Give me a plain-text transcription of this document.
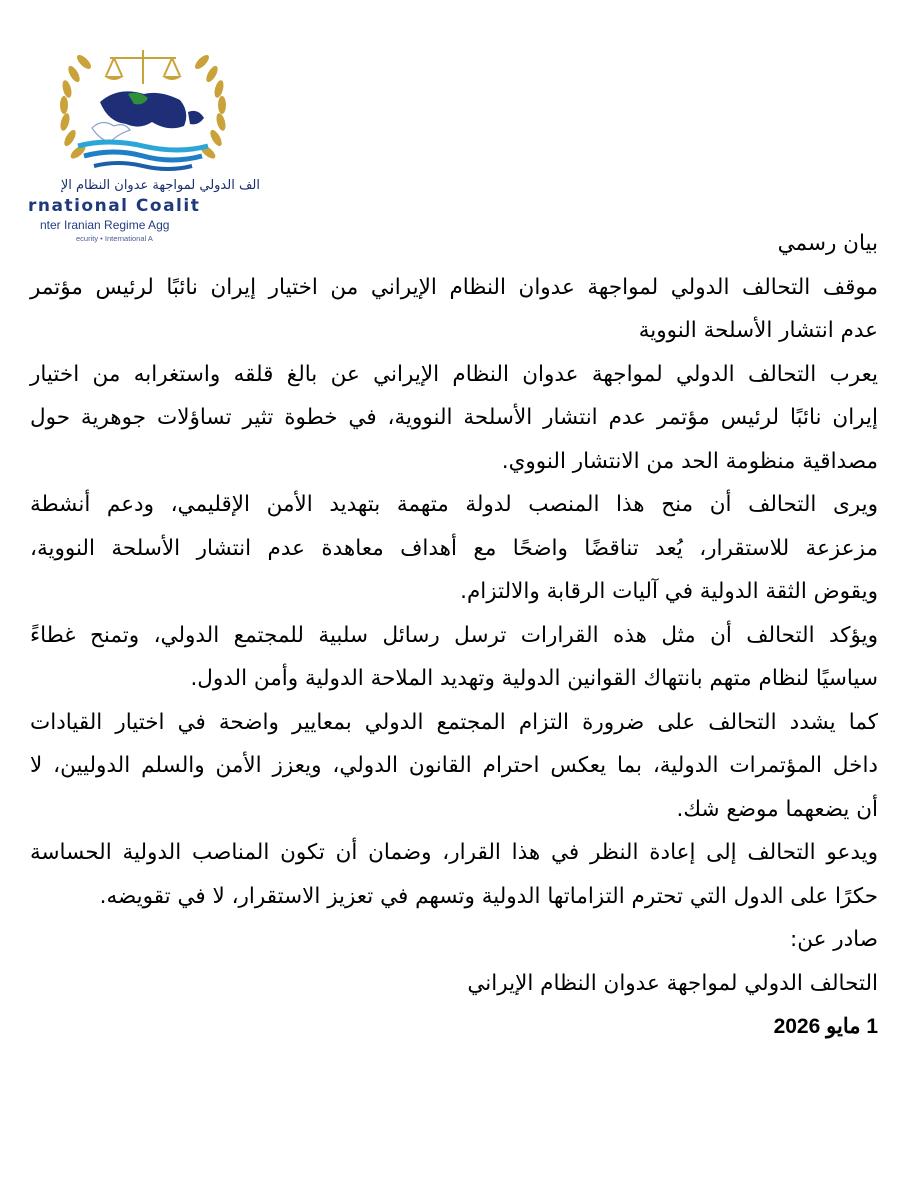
الف الدولي لمواجهة عدوان النظام الإ
rnational Coalit
nter Iranian Regime Agg
ecurity • International A	بيان رسمي
موقف التحالف الدولي لمواجهة عدوان النظام الإيراني من اختيار إيران نائبًا لرئيس مؤتمر
عدم انتشار الأسلحة النووية
يعرب التحالف الدولي لمواجهة عدوان النظام الإيراني عن بالغ قلقه واستغرابه من اختيار
إيران نائبًا لرئيس مؤتمر عدم انتشار الأسلحة النووية، في خطوة تثير تساؤلات جوهرية حول
مصداقية منظومة الحد من الانتشار النووي.
ويرى التحالف أن منح هذا المنصب لدولة متهمة بتهديد الأمن الإقليمي، ودعم أنشطة
مزعزعة للاستقرار، يُعد تناقضًا واضحًا مع أهداف معاهدة عدم انتشار الأسلحة النووية،
ويقوض الثقة الدولية في آليات الرقابة والالتزام.
ويؤكد التحالف أن مثل هذه القرارات ترسل رسائل سلبية للمجتمع الدولي، وتمنح غطاءً
سياسيًا لنظام متهم بانتهاك القوانين الدولية وتهديد الملاحة الدولية وأمن الدول.
كما يشدد التحالف على ضرورة التزام المجتمع الدولي بمعايير واضحة في اختيار القيادات
داخل المؤتمرات الدولية، بما يعكس احترام القانون الدولي، ويعزز الأمن والسلم الدوليين، لا
أن يضعهما موضع شك.
ويدعو التحالف إلى إعادة النظر في هذا القرار، وضمان أن تكون المناصب الدولية الحساسة
حكرًا على الدول التي تحترم التزاماتها الدولية وتسهم في تعزيز الاستقرار، لا في تقويضه.
صادر عن:
التحالف الدولي لمواجهة عدوان النظام الإيراني
1 مايو 2026
